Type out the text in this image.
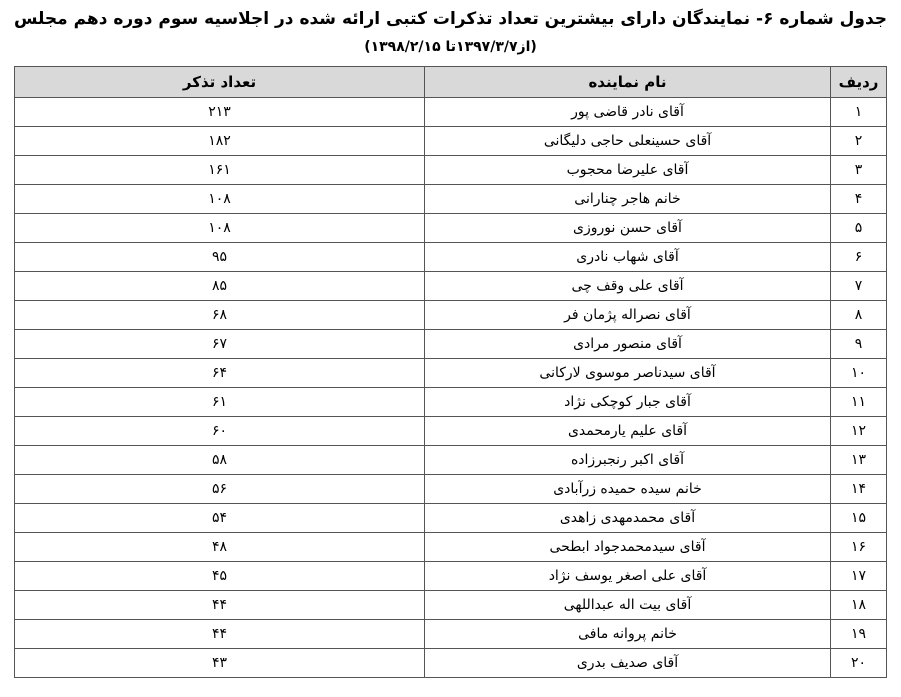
جدول شماره ۶- نمایندگان دارای بیشترین تعداد تذکرات کتبی ارائه شده در اجلاسیه سوم دوره دهم مجلس
(از۱۳۹۷/۳/۷تا ۱۳۹۸/۲/۱۵)
ردیف	نام نماینده	تعداد تذکر
۱	آقای نادر قاضی پور	۲۱۳
۲	آقای حسینعلی حاجی دلیگانی	۱۸۲
۳	آقای علیرضا محجوب	۱۶۱
۴	خانم هاجر چنارانی	۱۰۸
۵	آقای حسن نوروزی	۱۰۸
۶	آقای شهاب نادری	۹۵
۷	آقای علی وقف چی	۸۵
۸	آقای نصراله پژمان فر	۶۸
۹	آقای منصور مرادی	۶۷
۱۰	آقای سیدناصر موسوی لارکانی	۶۴
۱۱	آقای جبار کوچکی نژاد	۶۱
۱۲	آقای علیم یارمحمدی	۶۰
۱۳	آقای اکبر رنجبرزاده	۵۸
۱۴	خانم سیده حمیده زرآبادی	۵۶
۱۵	آقای محمدمهدی زاهدی	۵۴
۱۶	آقای سیدمحمدجواد ابطحی	۴۸
۱۷	آقای علی اصغر یوسف نژاد	۴۵
۱۸	آقای بیت اله عبداللهی	۴۴
۱۹	خانم پروانه مافی	۴۴
۲۰	آقای صدیف بدری	۴۳
